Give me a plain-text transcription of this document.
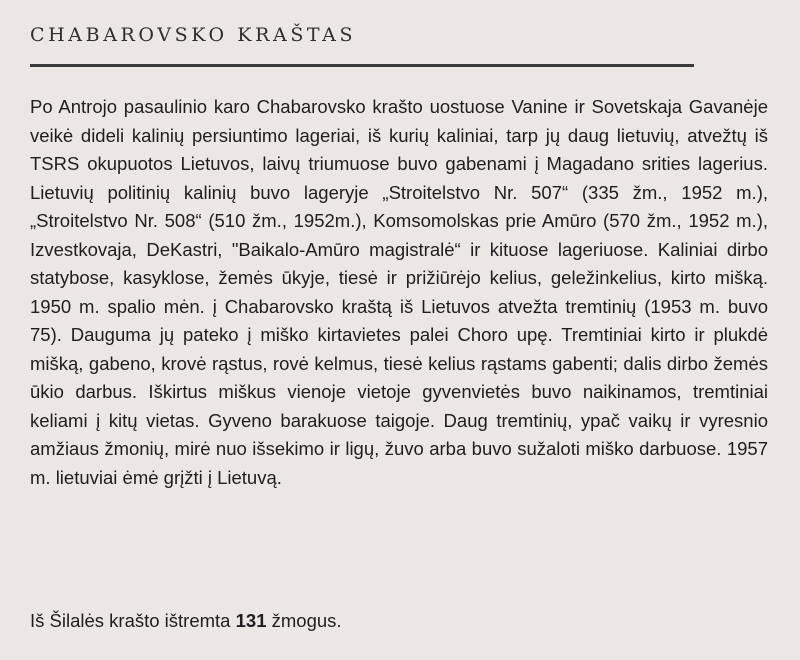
CHABAROVSKO KRAŠTAS

Po Antrojo pasaulinio karo Chabarovsko krašto uostuose Vanine ir Sovetskaja Gavanėje veikė dideli kalinių persiuntimo lageriai, iš kurių kaliniai, tarp jų daug lietuvių, atvežtų iš TSRS okupuotos Lietuvos, laivų triumuose buvo gabenami į Magadano srities lagerius. Lietuvių politinių kalinių buvo lageryje „Stroitelstvo Nr. 507“ (335 žm., 1952 m.), „Stroitelstvo Nr. 508“ (510 žm., 1952m.), Komsomolskas prie Amūro (570 žm., 1952 m.), Izvestkovaja, DeKastri, "Baikalo-Amūro magistralė“ ir kituose lageriuose. Kaliniai dirbo statybose, kasyklose, žemės ūkyje, tiesė ir prižiūrėjo kelius, geležinkelius, kirto mišką. 1950 m. spalio mėn. į Chabarovsko kraštą iš Lietuvos atvežta tremtinių (1953 m. buvo 75). Dauguma jų pateko į miško kirtavietes palei Choro upę. Tremtiniai kirto ir plukdė mišką, gabeno, krovė rąstus, rovė kelmus, tiesė kelius rąstams gabenti; dalis dirbo žemės ūkio darbus. Iškirtus miškus vienoje vietoje gyvenvietės buvo naikinamos, tremtiniai keliami į kitų vietas. Gyveno barakuose taigoje. Daug tremtinių, ypač vaikų ir vyresnio amžiaus žmonių, mirė nuo išsekimo ir ligų, žuvo arba buvo sužaloti miško darbuose. 1957 m. lietuviai ėmė grįžti į Lietuvą.

Iš Šilalės krašto ištremta 131 žmogus.
